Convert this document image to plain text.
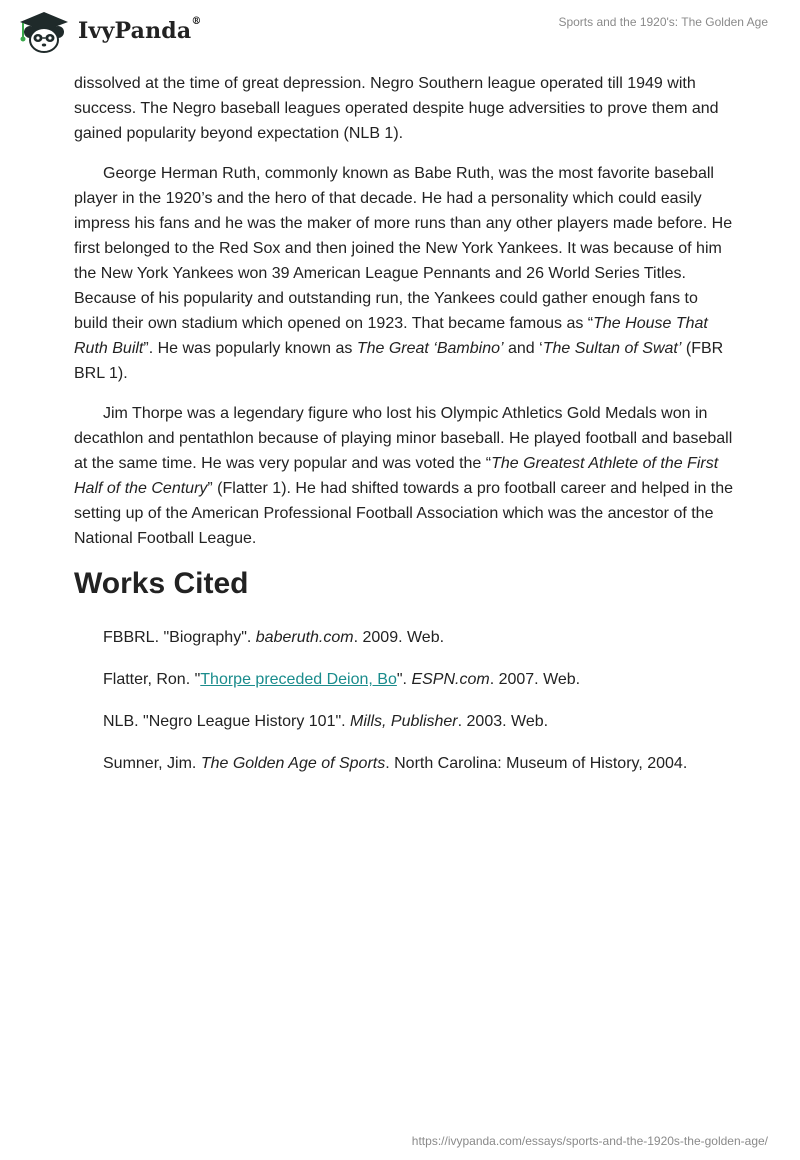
IvyPanda®	Sports and the 1920's: The Golden Age

dissolved at the time of great depression. Negro Southern league operated till 1949 with success. The Negro baseball leagues operated despite huge adversities to prove them and gained popularity beyond expectation (NLB 1).

George Herman Ruth, commonly known as Babe Ruth, was the most favorite baseball player in the 1920’s and the hero of that decade. He had a personality which could easily impress his fans and he was the maker of more runs than any other players made before. He first belonged to the Red Sox and then joined the New York Yankees. It was because of him the New York Yankees won 39 American League Pennants and 26 World Series Titles. Because of his popularity and outstanding run, the Yankees could gather enough fans to build their own stadium which opened on 1923. That became famous as “The House That Ruth Built”. He was popularly known as The Great ‘Bambino’ and ‘The Sultan of Swat’ (FBR BRL 1).

Jim Thorpe was a legendary figure who lost his Olympic Athletics Gold Medals won in decathlon and pentathlon because of playing minor baseball. He played football and baseball at the same time. He was very popular and was voted the “The Greatest Athlete of the First Half of the Century” (Flatter 1). He had shifted towards a pro football career and helped in the setting up of the American Professional Football Association which was the ancestor of the National Football League.

Works Cited
FBBRL. "Biography". baberuth.com. 2009. Web.
Flatter, Ron. "Thorpe preceded Deion, Bo". ESPN.com. 2007. Web.
NLB. "Negro League History 101". Mills, Publisher. 2003. Web.
Sumner, Jim. The Golden Age of Sports. North Carolina: Museum of History, 2004.
https://ivypanda.com/essays/sports-and-the-1920s-the-golden-age/
